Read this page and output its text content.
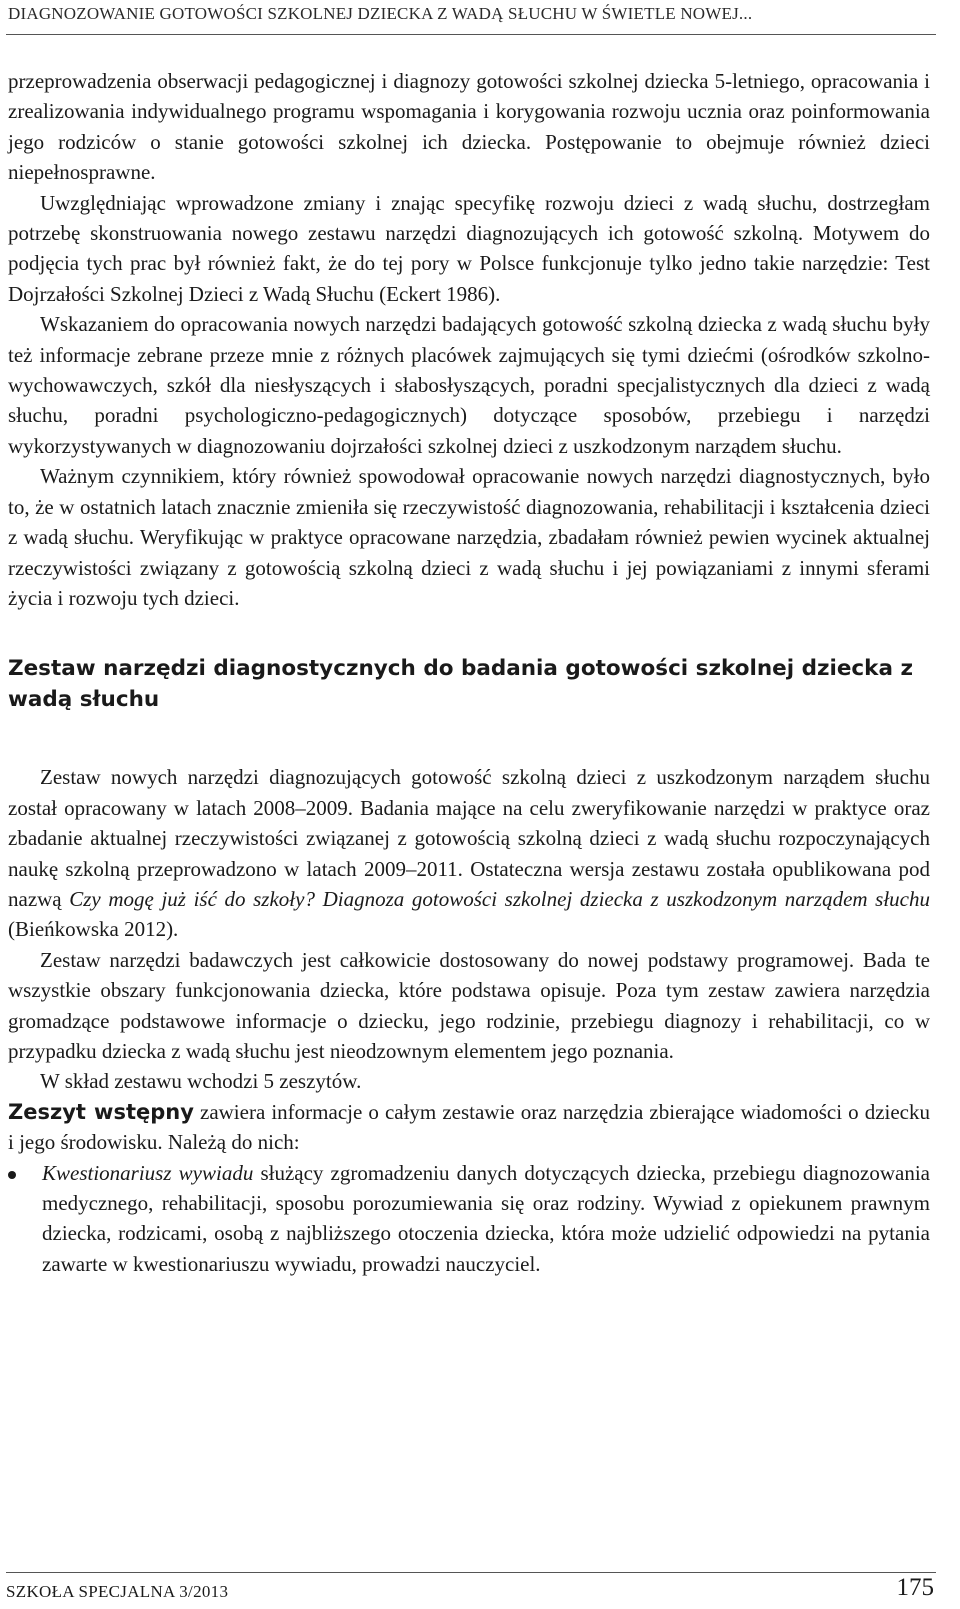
DIAGNOZOWANIE GOTOWOŚCI SZKOLNEJ DZIECKA Z WADĄ SŁUCHU W ŚWIETLE NOWEJ...

przeprowadzenia obserwacji pedagogicznej i diagnozy gotowości szkolnej dziecka 5-letniego, opracowania i zrealizowania indywidualnego programu wspomagania i korygowania rozwoju ucznia oraz poinformowania jego rodziców o stanie gotowości szkolnej ich dziecka. Postępowanie to obejmuje również dzieci niepełnosprawne.

Uwzględniając wprowadzone zmiany i znając specyfikę rozwoju dzieci z wadą słuchu, dostrzegłam potrzebę skonstruowania nowego zestawu narzędzi diagnozujących ich gotowość szkolną. Motywem do podjęcia tych prac był również fakt, że do tej pory w Polsce funkcjonuje tylko jedno takie narzędzie: Test Dojrzałości Szkolnej Dzieci z Wadą Słuchu (Eckert 1986).

Wskazaniem do opracowania nowych narzędzi badających gotowość szkolną dziecka z wadą słuchu były też informacje zebrane przeze mnie z różnych placówek zajmujących się tymi dziećmi (ośrodków szkolno-wychowawczych, szkół dla niesłyszących i słabosłyszących, poradni specjalistycznych dla dzieci z wadą słuchu, poradni psychologiczno-pedagogicznych) dotyczące sposobów, przebiegu i narzędzi wykorzystywanych w diagnozowaniu dojrzałości szkolnej dzieci z uszkodzonym narządem słuchu.

Ważnym czynnikiem, który również spowodował opracowanie nowych narzędzi diagnostycznych, było to, że w ostatnich latach znacznie zmieniła się rzeczywistość diagnozowania, rehabilitacji i kształcenia dzieci z wadą słuchu. Weryfikując w praktyce opracowane narzędzia, zbadałam również pewien wycinek aktualnej rzeczywistości związany z gotowością szkolną dzieci z wadą słuchu i jej powiązaniami z innymi sferami życia i rozwoju tych dzieci.

Zestaw narzędzi diagnostycznych do badania gotowości szkolnej dziecka z wadą słuchu

Zestaw nowych narzędzi diagnozujących gotowość szkolną dzieci z uszkodzonym narządem słuchu został opracowany w latach 2008–2009. Badania mające na celu zweryfikowanie narzędzi w praktyce oraz zbadanie aktualnej rzeczywistości związanej z gotowością szkolną dzieci z wadą słuchu rozpoczynających naukę szkolną przeprowadzono w latach 2009–2011. Ostateczna wersja zestawu została opublikowana pod nazwą Czy mogę już iść do szkoły? Diagnoza gotowości szkolnej dziecka z uszkodzonym narządem słuchu (Bieńkowska 2012).

Zestaw narzędzi badawczych jest całkowicie dostosowany do nowej podstawy programowej. Bada te wszystkie obszary funkcjonowania dziecka, które podstawa opisuje. Poza tym zestaw zawiera narzędzia gromadzące podstawowe informacje o dziecku, jego rodzinie, przebiegu diagnozy i rehabilitacji, co w przypadku dziecka z wadą słuchu jest nieodzownym elementem jego poznania.

W skład zestawu wchodzi 5 zeszytów.

Zeszyt wstępny zawiera informacje o całym zestawie oraz narzędzia zbierające wiadomości o dziecku i jego środowisku. Należą do nich:

Kwestionariusz wywiadu służący zgromadzeniu danych dotyczących dziecka, przebiegu diagnozowania medycznego, rehabilitacji, sposobu porozumiewania się oraz rodziny. Wywiad z opiekunem prawnym dziecka, rodzicami, osobą z najbliższego otoczenia dziecka, która może udzielić odpowiedzi na pytania zawarte w kwestionariuszu wywiadu, prowadzi nauczyciel.
SZKOŁA SPECJALNA 3/2013	175
